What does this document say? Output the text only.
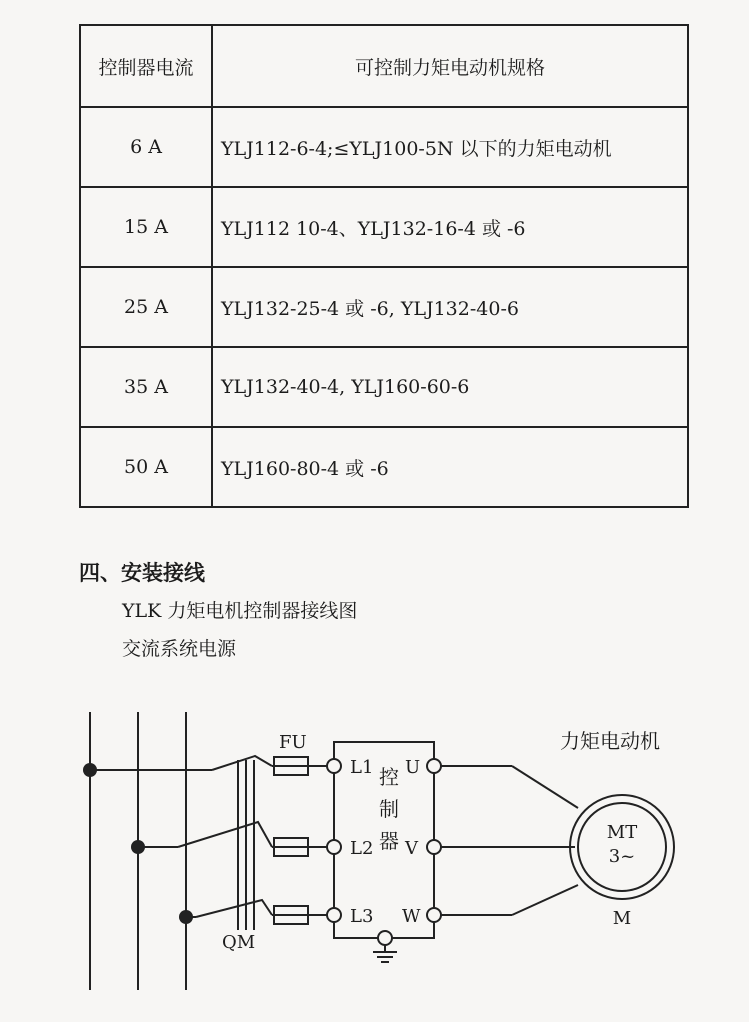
控制器电流	可控制力矩电动机规格
6 A	YLJ112-6-4;≤YLJ100-5N 以下的力矩电动机
15 A	YLJ112 10-4、YLJ132-16-4 或 -6
25 A	YLJ132-25-4 或 -6, YLJ132-40-6
35 A	YLJ132-40-4, YLJ160-60-6
50 A	YLJ160-80-4 或 -6
四、安装接线
YLK 力矩电机控制器接线图
交流系统电源
FU
QM
L1
L2
L3
U
V
W
控
制
器
力矩电动机
MT
3~
M
